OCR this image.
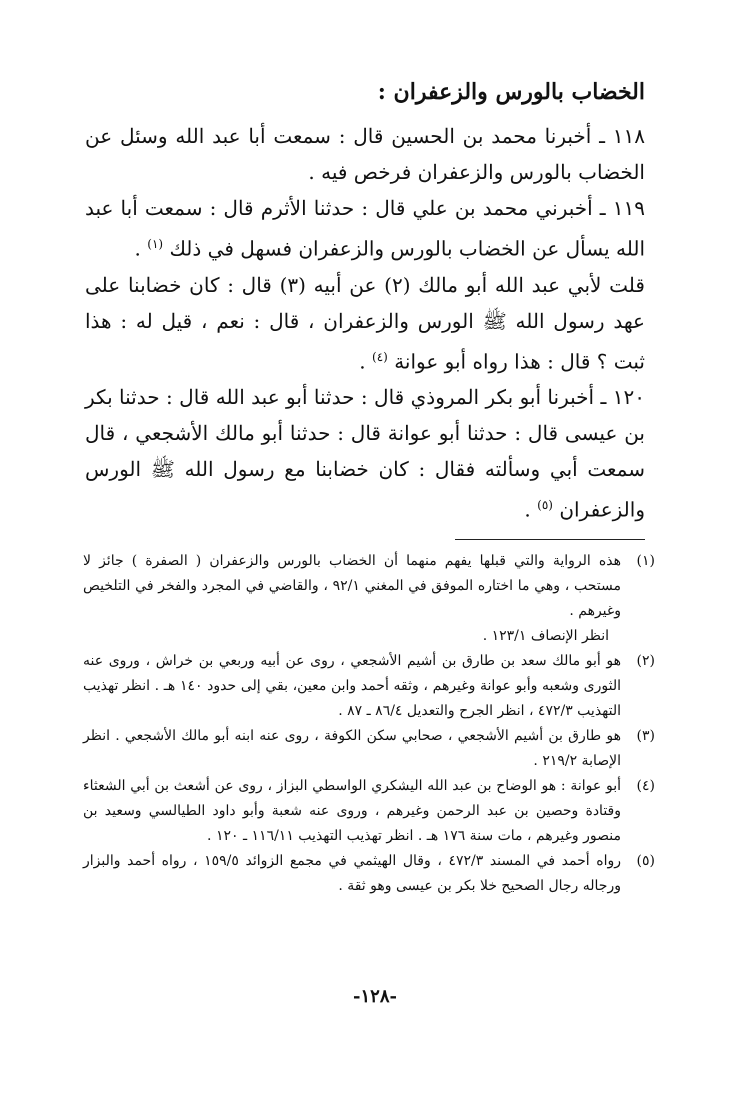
الخضاب بالورس والزعفران :

١١٨ ـ أخبرنا محمد بن الحسين قال : سمعت أبا عبد الله وسئل عن الخضاب بالورس والزعفران فرخص فيه .

١١٩ ـ أخبرني محمد بن علي قال : حدثنا الأثرم قال : سمعت أبا عبد الله يسأل عن الخضاب بالورس والزعفران فسهل في ذلك $^{(١)}$ .

قلت لأبي عبد الله أبو مالك (٢) عن أبيه (٣) قال : كان خضابنا على عهد رسول الله ﷺ الورس والزعفران ، قال : نعم ، قيل له : هذا ثبت ؟ قال : هذا رواه أبو عوانة $^{(٤)}$ .

١٢٠ ـ أخبرنا أبو بكر المروذي قال : حدثنا أبو عبد الله قال : حدثنا بكر بن عيسى قال : حدثنا أبو عوانة قال : حدثنا أبو مالك الأشجعي ، قال سمعت أبي وسألته فقال : كان خضابنا مع رسول الله ﷺ الورس والزعفران $^{(٥)}$ .

(١)
هذه الرواية والتي قبلها يفهم منهما أن الخضاب بالورس والزعفران ( الصفرة ) جائز لا مستحب ، وهي ما اختاره الموفق في المغني ٩٢/١ ، والقاضي في المجرد والفخر في التلخيص وغيرهم .
انظر الإنصاف ١٢٣/١ .
(٢)
هو أبو مالك سعد بن طارق بن أشيم الأشجعي ، روى عن أبيه وربعي بن خراش ، وروى عنه الثورى وشعبه وأبو عوانة وغيرهم ، وثقه أحمد وابن معين، بقي إلى حدود ١٤٠ هـ . انظر تهذيب التهذيب ٤٧٢/٣ ، انظر الجرح والتعديل ٨٦/٤ ـ ٨٧ .
(٣)
هو طارق بن أشيم الأشجعي ، صحابي سكن الكوفة ، روى عنه ابنه أبو مالك الأشجعي . انظر الإصابة ٢١٩/٢ .
(٤)
أبو عوانة : هو الوضاح بن عبد الله اليشكري الواسطي البزاز ، روى عن أشعث بن أبي الشعثاء وقتادة وحصين بن عبد الرحمن وغيرهم ، وروى عنه شعبة وأبو داود الطيالسي وسعيد بن منصور وغيرهم ، مات سنة ١٧٦ هـ . انظر تهذيب التهذيب ١١٦/١١ ـ ١٢٠ .
(٥)
رواه أحمد في المسند ٤٧٢/٣ ، وقال الهيثمي في مجمع الزوائد ١٥٩/٥ ، رواه أحمد والبزار ورجاله رجال الصحيح خلا بكر بن عيسى وهو ثقة .
-١٢٨-
